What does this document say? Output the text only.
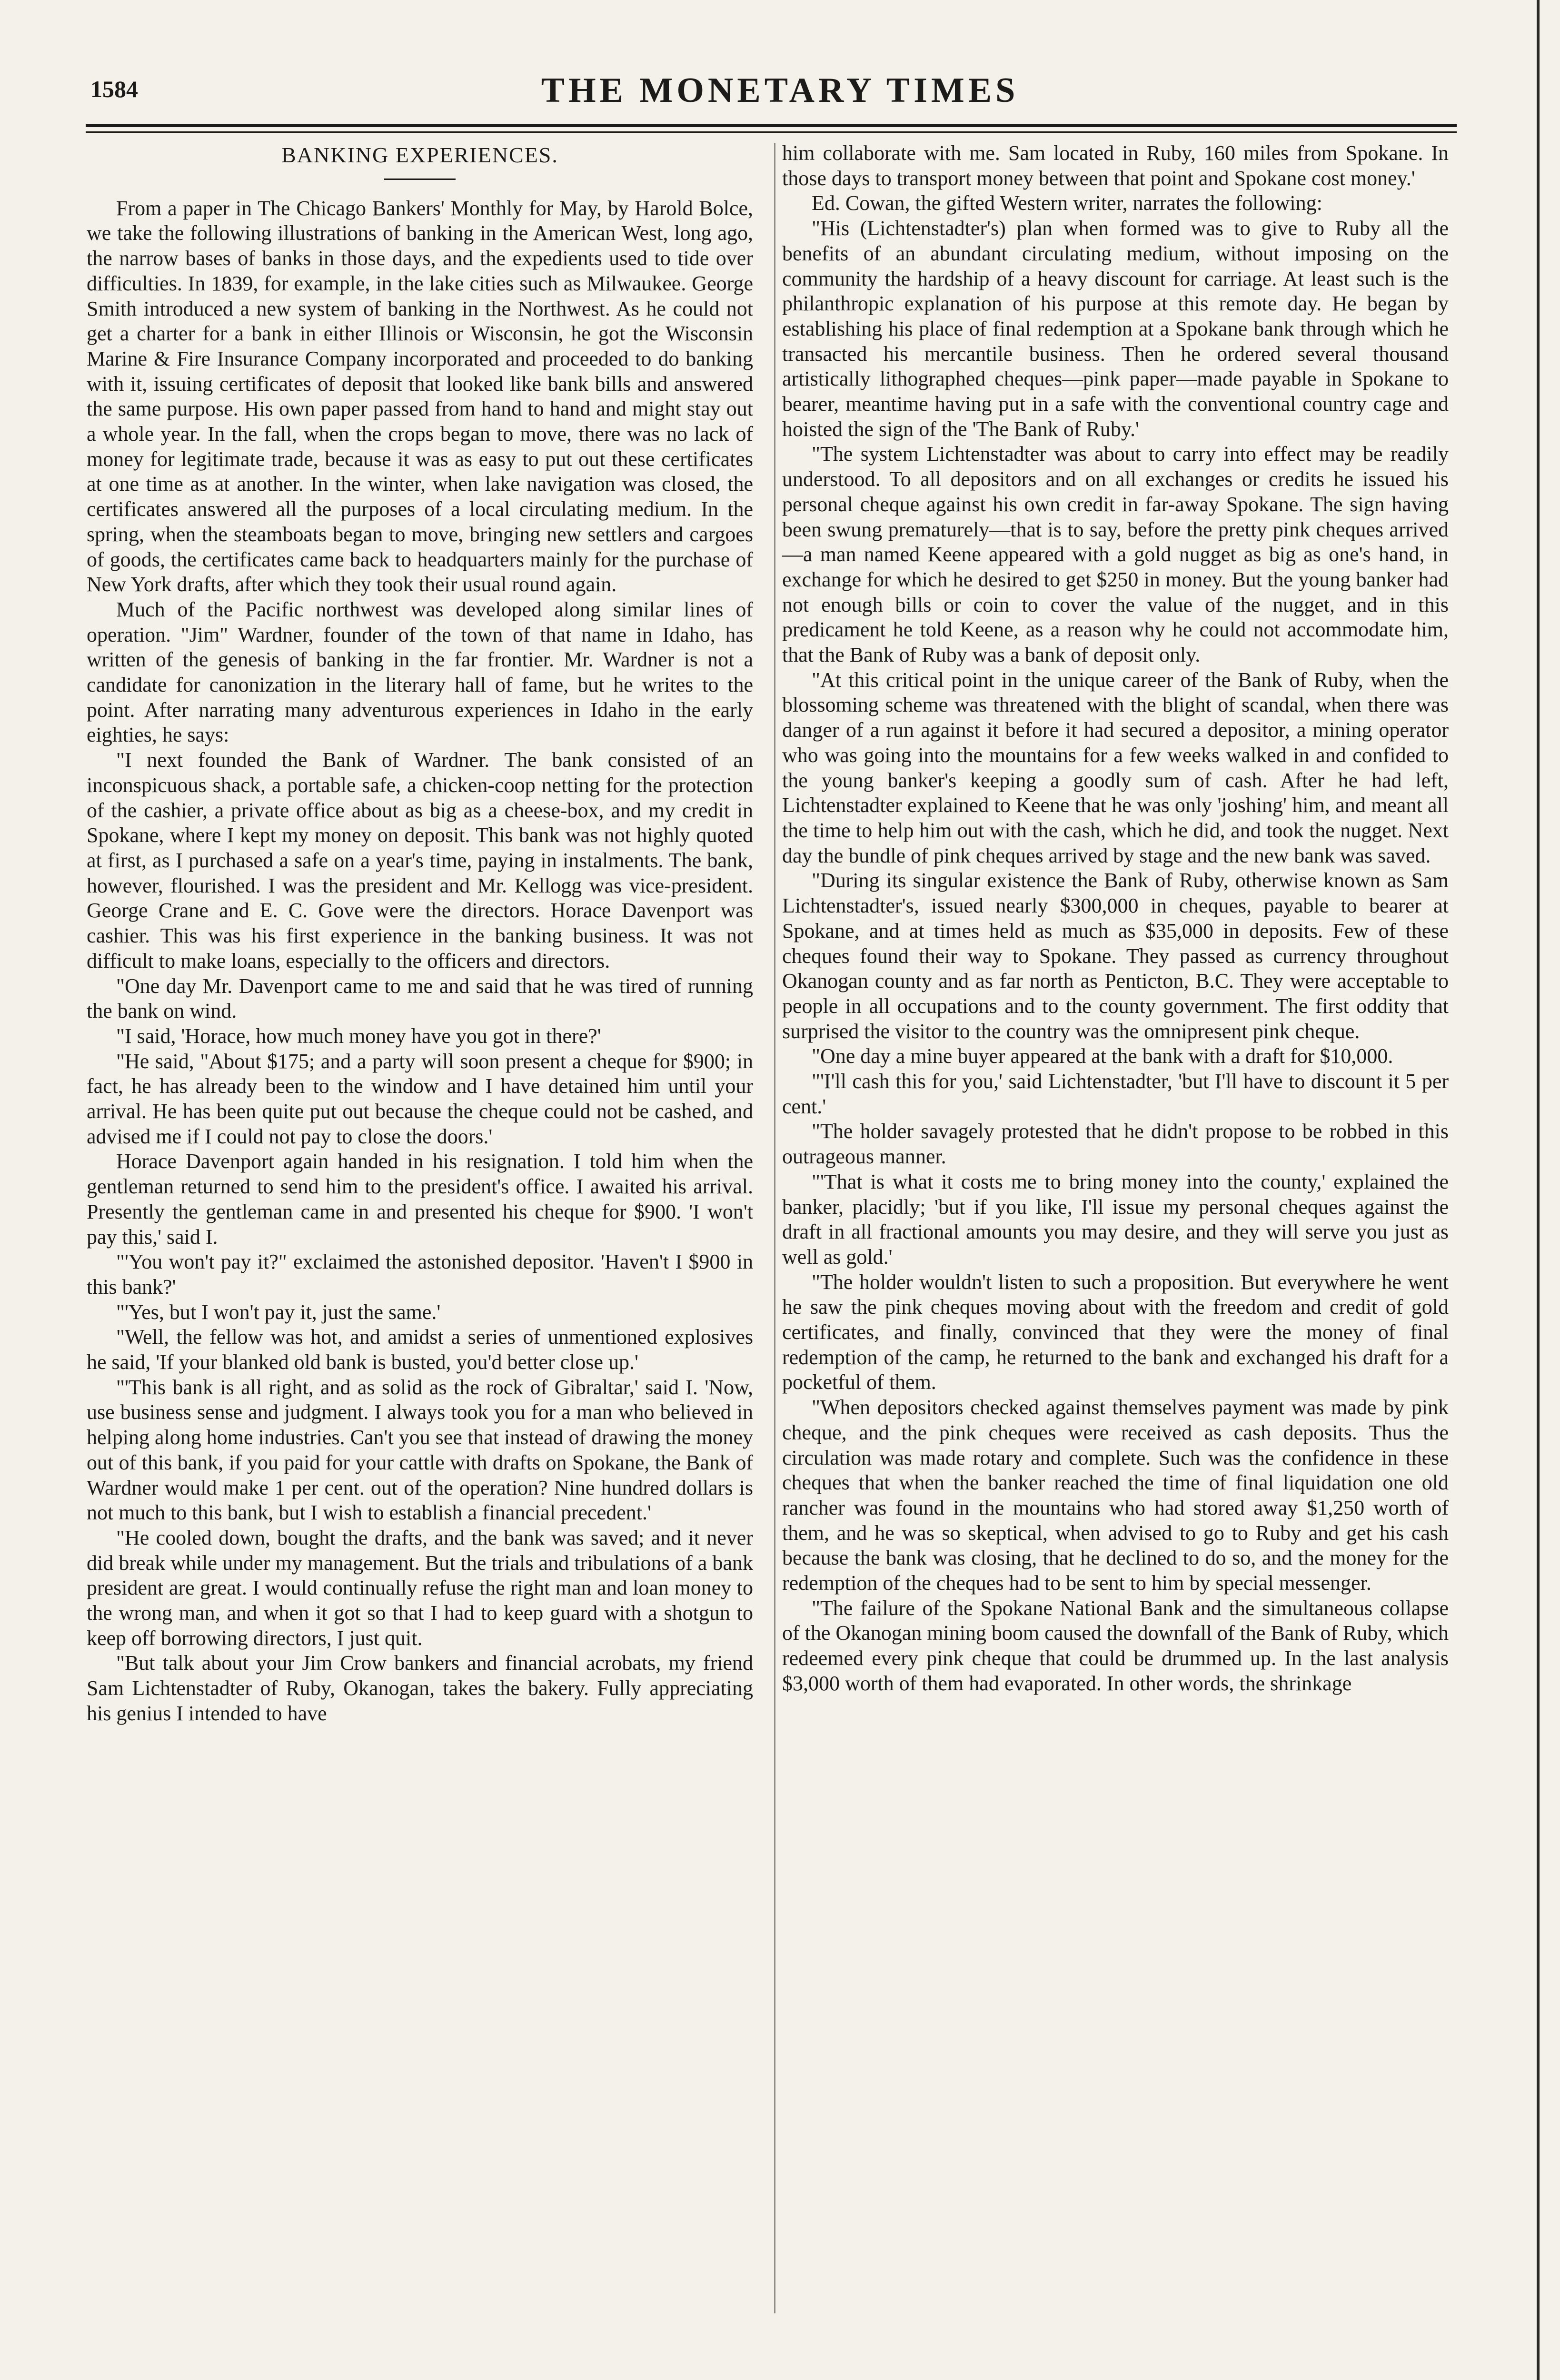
1584	THE MONETARY TIMES
BANKING EXPERIENCES.

From a paper in The Chicago Bankers' Monthly for May, by Harold Bolce, we take the following illustrations of banking in the American West, long ago, the narrow bases of banks in those days, and the expedients used to tide over difficulties. In 1839, for example, in the lake cities such as Milwaukee. George Smith introduced a new system of banking in the Northwest. As he could not get a charter for a bank in either Illinois or Wisconsin, he got the Wisconsin Marine & Fire Insurance Company incorporated and proceeded to do banking with it, issuing certificates of deposit that looked like bank bills and answered the same purpose. His own paper passed from hand to hand and might stay out a whole year. In the fall, when the crops began to move, there was no lack of money for legitimate trade, because it was as easy to put out these certificates at one time as at another. In the winter, when lake navigation was closed, the certificates answered all the purposes of a local circulating medium. In the spring, when the steamboats began to move, bringing new settlers and cargoes of goods, the certificates came back to headquarters mainly for the purchase of New York drafts, after which they took their usual round again.

Much of the Pacific northwest was developed along similar lines of operation. "Jim" Wardner, founder of the town of that name in Idaho, has written of the genesis of banking in the far frontier. Mr. Wardner is not a candidate for canonization in the literary hall of fame, but he writes to the point. After narrating many adventurous experiences in Idaho in the early eighties, he says:

"I next founded the Bank of Wardner. The bank consisted of an inconspicuous shack, a portable safe, a chicken-coop netting for the protection of the cashier, a private office about as big as a cheese-box, and my credit in Spokane, where I kept my money on deposit. This bank was not highly quoted at first, as I purchased a safe on a year's time, paying in instalments. The bank, however, flourished. I was the president and Mr. Kellogg was vice-president. George Crane and E. C. Gove were the directors. Horace Davenport was cashier. This was his first experience in the banking business. It was not difficult to make loans, especially to the officers and directors.

"One day Mr. Davenport came to me and said that he was tired of running the bank on wind.

"I said, 'Horace, how much money have you got in there?'

"He said, "About $175; and a party will soon present a cheque for $900; in fact, he has already been to the window and I have detained him until your arrival. He has been quite put out because the cheque could not be cashed, and advised me if I could not pay to close the doors.'

Horace Davenport again handed in his resignation. I told him when the gentleman returned to send him to the president's office. I awaited his arrival. Presently the gentleman came in and presented his cheque for $900. 'I won't pay this,' said I.

"'You won't pay it?" exclaimed the astonished depositor. 'Haven't I $900 in this bank?'

"'Yes, but I won't pay it, just the same.'

"Well, the fellow was hot, and amidst a series of unmentioned explosives he said, 'If your blanked old bank is busted, you'd better close up.'

"'This bank is all right, and as solid as the rock of Gibraltar,' said I. 'Now, use business sense and judgment. I always took you for a man who believed in helping along home industries. Can't you see that instead of drawing the money out of this bank, if you paid for your cattle with drafts on Spokane, the Bank of Wardner would make 1 per cent. out of the operation? Nine hundred dollars is not much to this bank, but I wish to establish a financial precedent.'

"He cooled down, bought the drafts, and the bank was saved; and it never did break while under my management. But the trials and tribulations of a bank president are great. I would continually refuse the right man and loan money to the wrong man, and when it got so that I had to keep guard with a shotgun to keep off borrowing directors, I just quit.

"But talk about your Jim Crow bankers and financial acrobats, my friend Sam Lichtenstadter of Ruby, Okanogan, takes the bakery. Fully appreciating his genius I intended to have

him collaborate with me. Sam located in Ruby, 160 miles from Spokane. In those days to transport money between that point and Spokane cost money.'

Ed. Cowan, the gifted Western writer, narrates the following:

"His (Lichtenstadter's) plan when formed was to give to Ruby all the benefits of an abundant circulating medium, without imposing on the community the hardship of a heavy discount for carriage. At least such is the philanthropic explanation of his purpose at this remote day. He began by establishing his place of final redemption at a Spokane bank through which he transacted his mercantile business. Then he ordered several thousand artistically lithographed cheques—pink paper—made payable in Spokane to bearer, meantime having put in a safe with the conventional country cage and hoisted the sign of the 'The Bank of Ruby.'

"The system Lichtenstadter was about to carry into effect may be readily understood. To all depositors and on all exchanges or credits he issued his personal cheque against his own credit in far-away Spokane. The sign having been swung prematurely—that is to say, before the pretty pink cheques arrived—a man named Keene appeared with a gold nugget as big as one's hand, in exchange for which he desired to get $250 in money. But the young banker had not enough bills or coin to cover the value of the nugget, and in this predicament he told Keene, as a reason why he could not accommodate him, that the Bank of Ruby was a bank of deposit only.

"At this critical point in the unique career of the Bank of Ruby, when the blossoming scheme was threatened with the blight of scandal, when there was danger of a run against it before it had secured a depositor, a mining operator who was going into the mountains for a few weeks walked in and confided to the young banker's keeping a goodly sum of cash. After he had left, Lichtenstadter explained to Keene that he was only 'joshing' him, and meant all the time to help him out with the cash, which he did, and took the nugget. Next day the bundle of pink cheques arrived by stage and the new bank was saved.

"During its singular existence the Bank of Ruby, otherwise known as Sam Lichtenstadter's, issued nearly $300,000 in cheques, payable to bearer at Spokane, and at times held as much as $35,000 in deposits. Few of these cheques found their way to Spokane. They passed as currency throughout Okanogan county and as far north as Penticton, B.C. They were acceptable to people in all occupations and to the county government. The first oddity that surprised the visitor to the country was the omnipresent pink cheque.

"One day a mine buyer appeared at the bank with a draft for $10,000.

"'I'll cash this for you,' said Lichtenstadter, 'but I'll have to discount it 5 per cent.'

"The holder savagely protested that he didn't propose to be robbed in this outrageous manner.

"'That is what it costs me to bring money into the county,' explained the banker, placidly; 'but if you like, I'll issue my personal cheques against the draft in all fractional amounts you may desire, and they will serve you just as well as gold.'

"The holder wouldn't listen to such a proposition. But everywhere he went he saw the pink cheques moving about with the freedom and credit of gold certificates, and finally, convinced that they were the money of final redemption of the camp, he returned to the bank and exchanged his draft for a pocketful of them.

"When depositors checked against themselves payment was made by pink cheque, and the pink cheques were received as cash deposits. Thus the circulation was made rotary and complete. Such was the confidence in these cheques that when the banker reached the time of final liquidation one old rancher was found in the mountains who had stored away $1,250 worth of them, and he was so skeptical, when advised to go to Ruby and get his cash because the bank was closing, that he declined to do so, and the money for the redemption of the cheques had to be sent to him by special messenger.

"The failure of the Spokane National Bank and the simultaneous collapse of the Okanogan mining boom caused the downfall of the Bank of Ruby, which redeemed every pink cheque that could be drummed up. In the last analysis $3,000 worth of them had evaporated. In other words, the shrinkage
